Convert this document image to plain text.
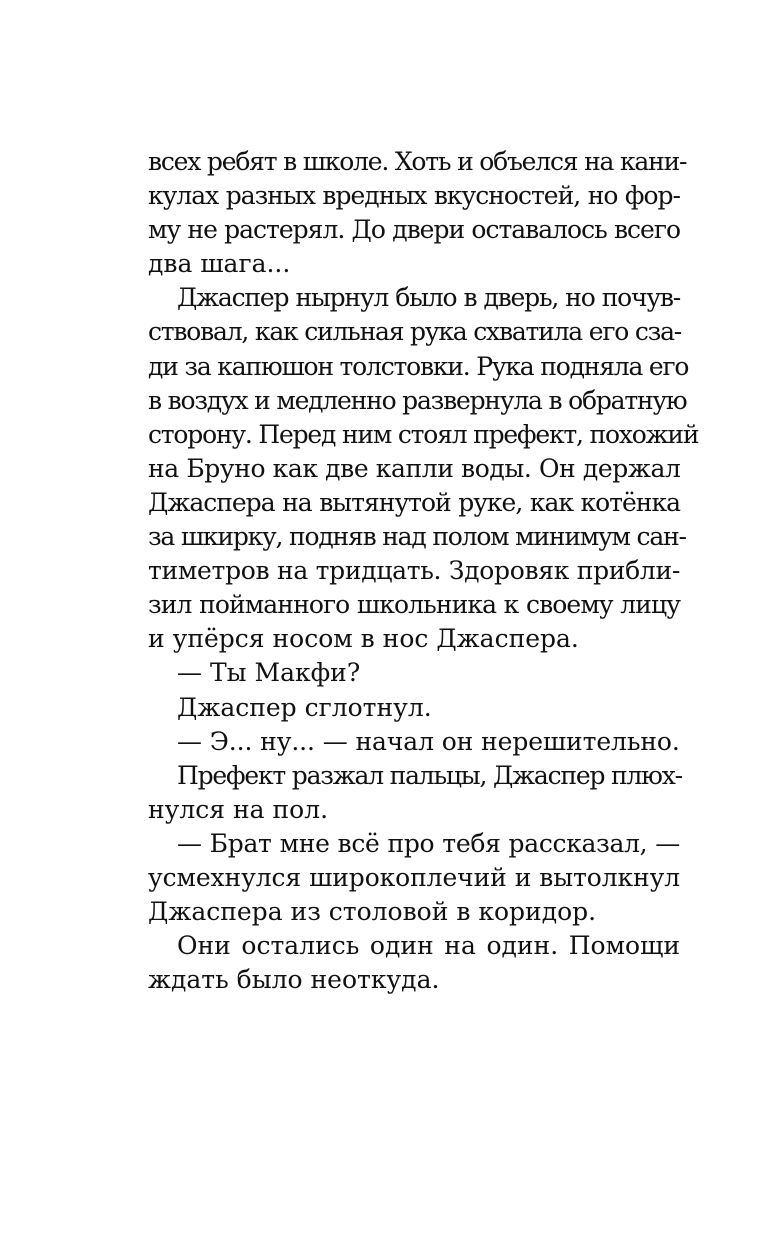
всех ребят в школе. Хоть и объелся на кани-
кулах разных вредных вкусностей, но фор-
му не растерял. До двери оставалось всего
два шага...
Джаспер нырнул было в дверь, но почув-
ствовал, как сильная рука схватила его сза-
ди за капюшон толстовки. Рука подняла его
в воздух и медленно развернула в обратную
сторону. Перед ним стоял префект, похожий
на Бруно как две капли воды. Он держал
Джаспера на вытянутой руке, как котёнка
за шкирку, подняв над полом минимум сан-
тиметров на тридцать. Здоровяк прибли-
зил пойманного школьника к своему лицу
и упёрся носом в нос Джаспера.
— Ты Макфи?
Джаспер сглотнул.
— Э... ну... — начал он нерешительно.
Префект разжал пальцы, Джаспер плюх-
нулся на пол.
— Брат мне всё про тебя рассказал, —
усмехнулся широкоплечий и вытолкнул
Джаспера из столовой в коридор.
Они остались один на один. Помощи
ждать было неоткуда.
